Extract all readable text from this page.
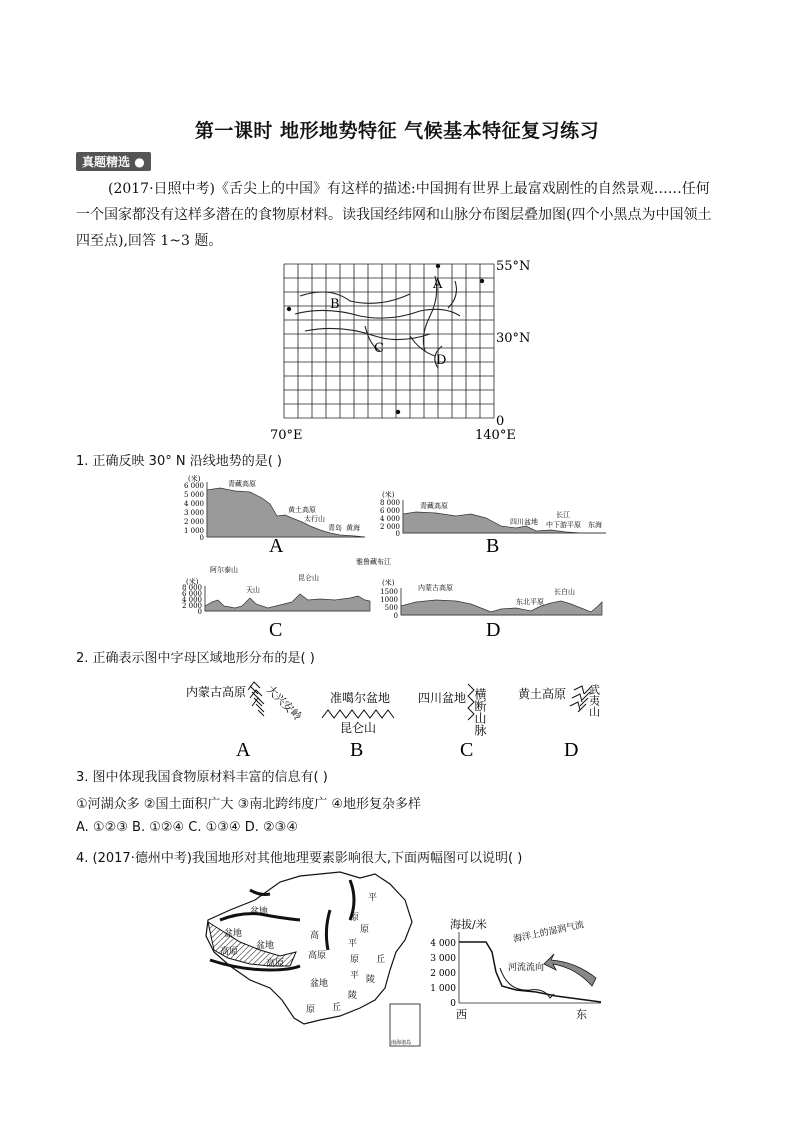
第一课时 地形地势特征 气候基本特征复习练习
真题精选 ●
(2017·日照中考)《舌尖上的中国》有这样的描述:中国拥有世界上最富戏剧性的自然景观……任何
一个国家都没有这样多潜在的食物原材料。读我国经纬网和山脉分布图层叠加图(四个小黑点为中国领土
四至点),回答 1~3 题。
A
B
C
D
55°N
30°N
0
70°E	140°E
1. 正确反映 30° N 沿线地势的是( )
(米)
6 000
5 000
4 000
3 000
2 000
1 000
0
青藏高原
黄土高原
太行山
青岛 黄海
A
(米)
8 000
6 000
4 000
2 000
0
青藏高原
四川盆地
长江
中下游平原 东海
B
(米)
8 000
6 000
4 000
2 000
0
阿尔泰山
天山
昆仑山
雅鲁藏布江
C
(米)
1500
1000
500
0
内蒙古高原
东北平原
长白山
D
2. 正确表示图中字母区域地形分布的是( )
内蒙古高原 大兴安岭
A
准噶尔盆地
昆仑山
B
四川盆地 横断山脉
C
黄土高原 武夷山
D
3. 图中体现我国食物原材料丰富的信息有( )
①河湖众多 ②国土面积广大 ③南北跨纬度广 ④地形复杂多样
A. ①②③ B. ①②④ C. ①③④ D. ②③④
4. (2017·德州中考)我国地形对其他地理要素影响很大,下面两幅图可以说明( )
盆地
盆地
盆地
高原
高原
高原
平
原
平
原
原
丘
陵
平 陵
丘
高
原
盆地
南海诸岛
海拔/米
4 000
3 000
2 000
1 000
0
河流流向
海洋上的湿润气流
西	东
